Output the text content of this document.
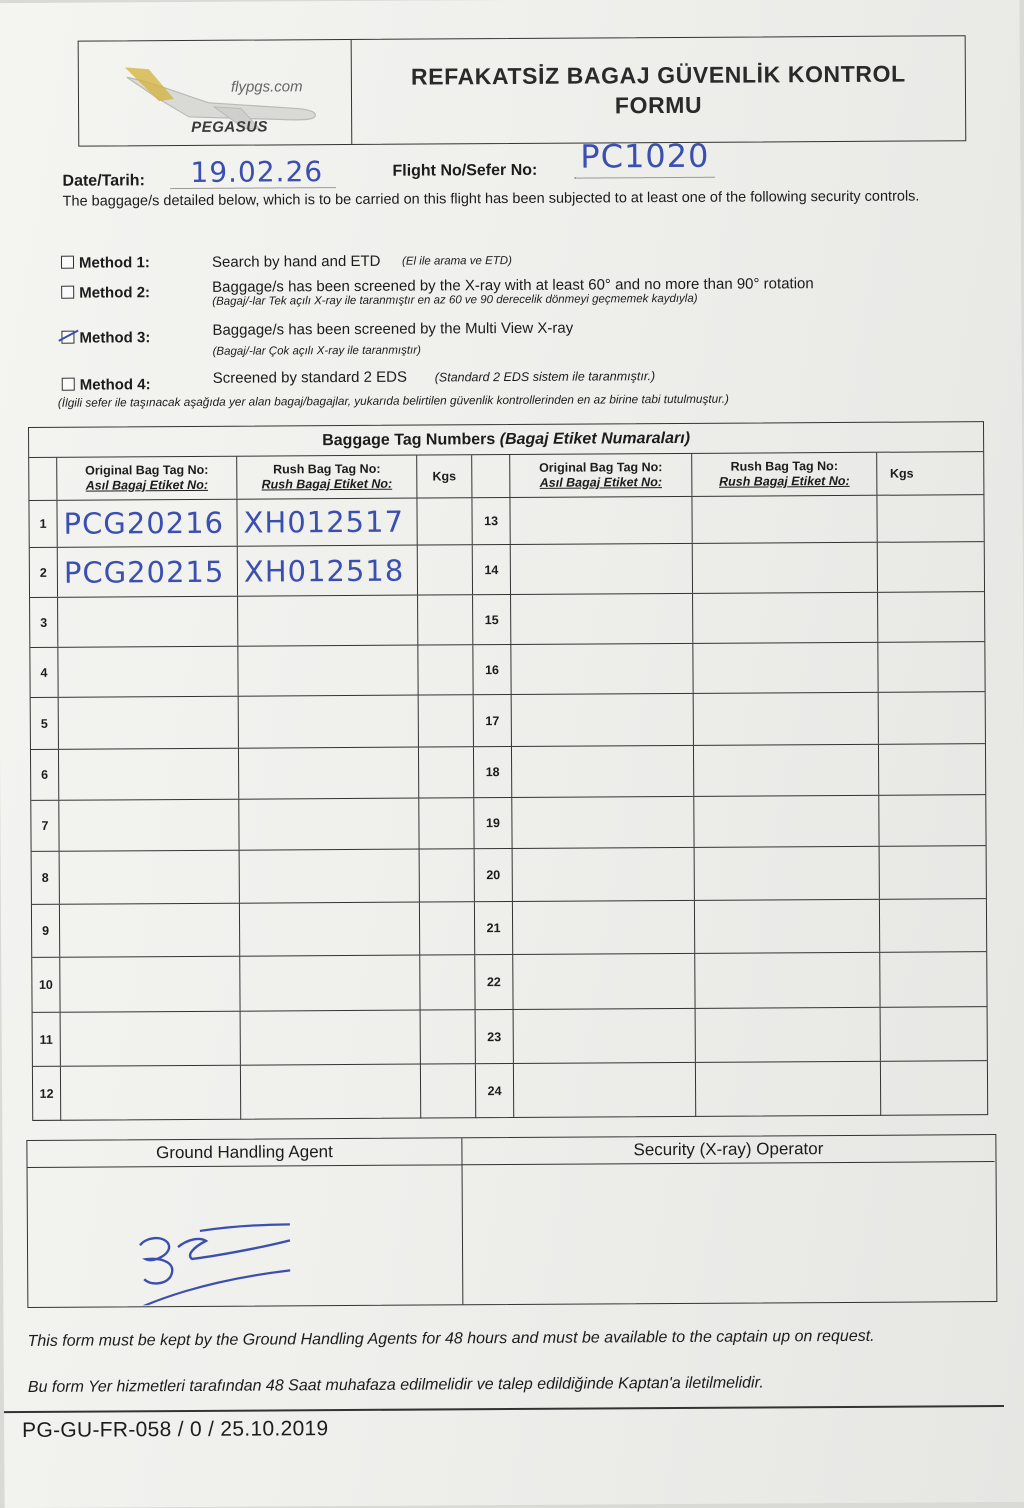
flypgs.com
PEGASUS
REFAKATSİZ BAGAJ GÜVENLİK KONTROL
FORMU
Date/Tarih: 19.02.26	Flight No/Sefer No: PC1020
The baggage/s detailed below, which is to be carried on this flight has been subjected to at least one of the following security controls.
Method 1:	Search by hand and ETD (El ile arama ve ETD)
Method 2:	Baggage/s has been screened by the X-ray with at least 60° and no more than 90° rotation
(Bagaj/-lar Tek açılı X-ray ile taranmıştır en az 60 ve 90 derecelik dönmeyi geçmemek kaydıyla)
Method 3:	Baggage/s has been screened by the Multi View X-ray
(Bagaj/-lar Çok açılı X-ray ile taranmıştır)
Method 4:	Screened by standard 2 EDS (Standard 2 EDS sistem ile taranmıştır.)
(İlgili sefer ile taşınacak aşağıda yer alan bagaj/bagajlar, yukarıda belirtilen güvenlik kontrollerinden en az birine tabi tutulmuştur.)
Baggage Tag Numbers (Bagaj Etiket Numaraları)
Original Bag Tag No:
Asıl Bagaj Etiket No:
Rush Bag Tag No:
Rush Bagaj Etiket No:
Kgs
Original Bag Tag No:
Asıl Bagaj Etiket No:
Rush Bag Tag No:
Rush Bagaj Etiket No:
Kgs
1 PCG20216 XH012517	13
2 PCG20215 XH012518	14
3	15
4	16
5	17
6	18
7	19
8	20
9	21
10	22
11	23
12	24
Ground Handling Agent	Security (X-ray) Operator
This form must be kept by the Ground Handling Agents for 48 hours and must be available to the captain up on request.
Bu form Yer hizmetleri tarafından 48 Saat muhafaza edilmelidir ve talep edildiğinde Kaptan'a iletilmelidir.
PG-GU-FR-058 / 0 / 25.10.2019
